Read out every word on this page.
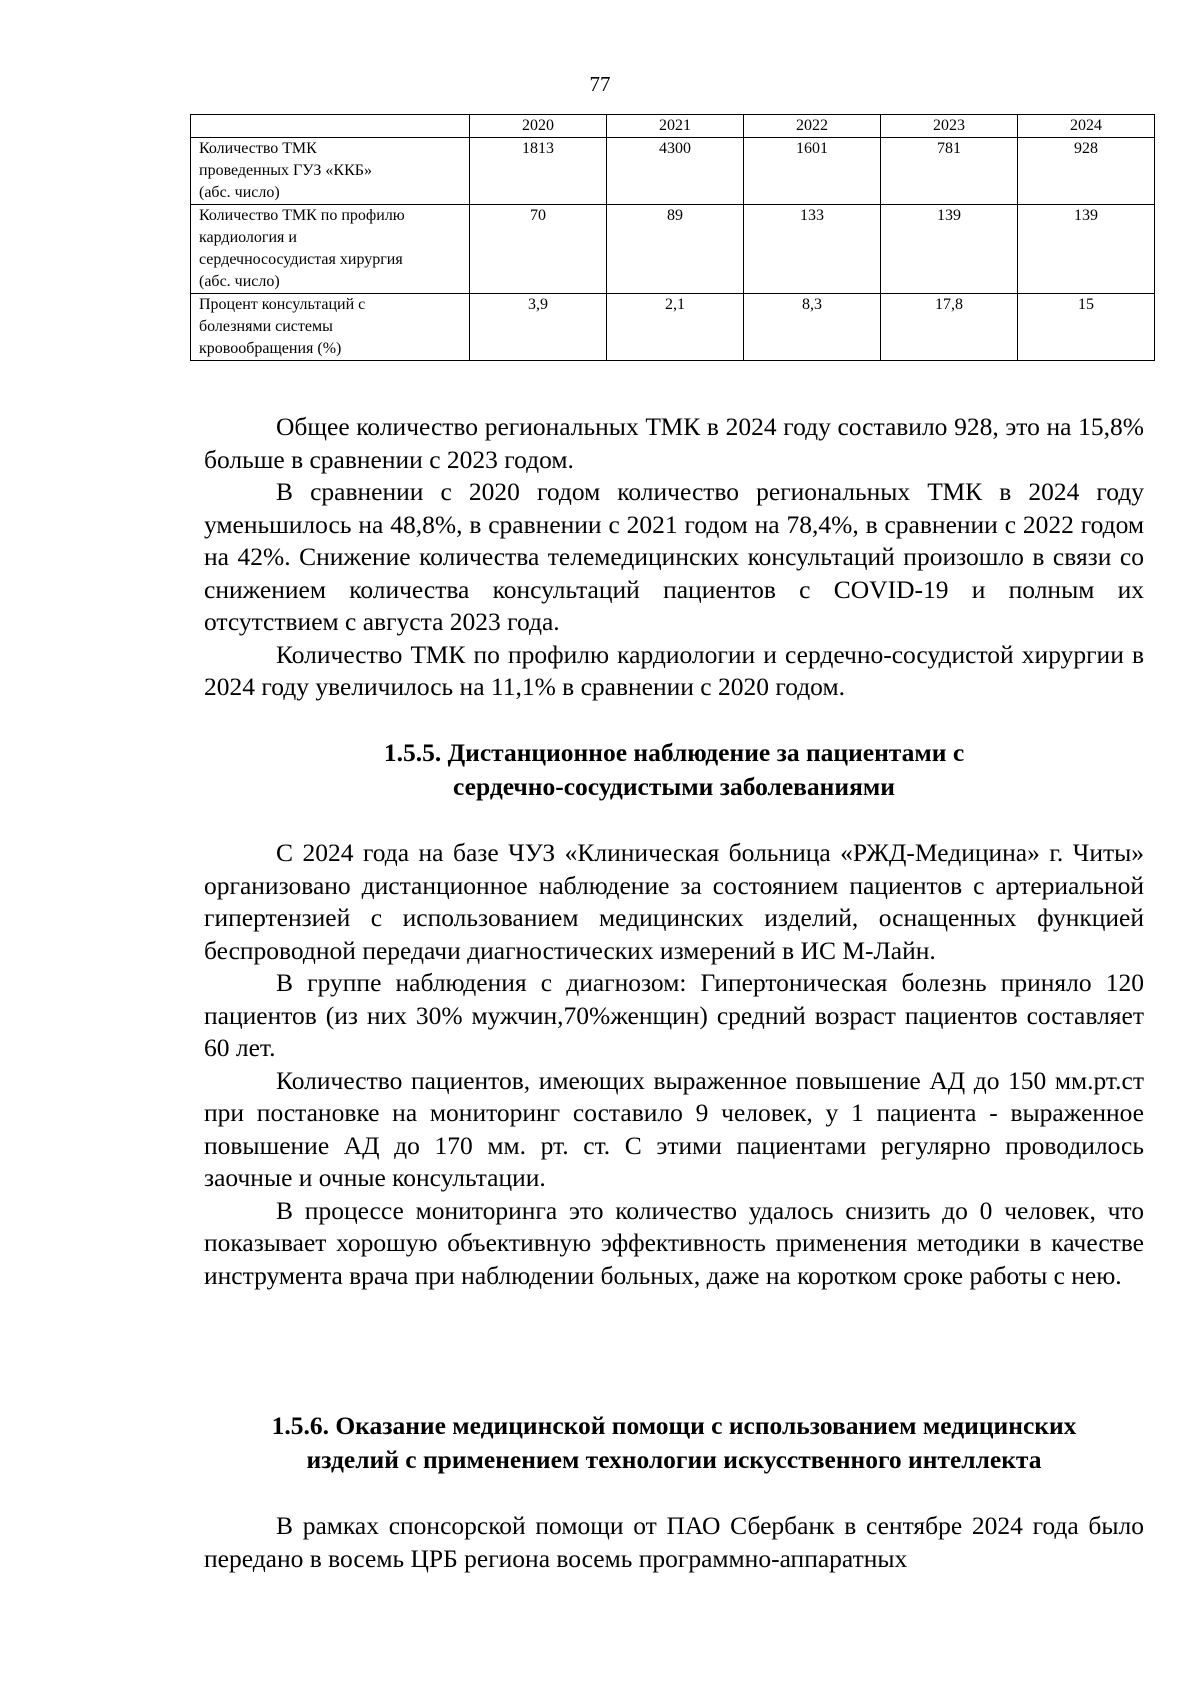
77
	2020	2021	2022	2023	2024

Количество ТМК
проведенных ГУЗ «ККБ»
(абс. число)	1813	4300	1601	781	928

Количество ТМК по профилю
кардиология и
сердечнососудистая хирургия
(абс. число)	70	89	133	139	139

Процент консультаций с
болезнями системы
кровообращения (%)	3,9	2,1	8,3	17,8	15

Общее количество региональных ТМК в 2024 году составило 928, это на 15,8% больше в сравнении с 2023 годом.

В сравнении с 2020 годом количество региональных ТМК в 2024 году уменьшилось на 48,8%, в сравнении с 2021 годом на 78,4%, в сравнении с 2022 годом на 42%. Снижение количества телемедицинских консультаций произошло в связи со снижением количества консультаций пациентов с COVID-19 и полным их отсутствием с августа 2023 года.

Количество ТМК по профилю кардиологии и сердечно-сосудистой хирургии в 2024 году увеличилось на 11,1% в сравнении с 2020 годом.

1.5.5. Дистанционное наблюдение за пациентами с
сердечно-сосудистыми заболеваниями

С 2024 года на базе ЧУЗ «Клиническая больница «РЖД-Медицина» г. Читы» организовано дистанционное наблюдение за состоянием пациентов с артериальной гипертензией с использованием медицинских изделий, оснащенных функцией беспроводной передачи диагностических измерений в ИС М-Лайн.

В группе наблюдения с диагнозом: Гипертоническая болезнь приняло 120 пациентов (из них 30% мужчин,70%женщин) средний возраст пациентов составляет 60 лет.

Количество пациентов, имеющих выраженное повышение АД до 150 мм.рт.ст при постановке на мониторинг составило 9 человек, у 1 пациента - выраженное повышение АД до 170 мм. рт. ст. С этими пациентами регулярно проводилось заочные и очные консультации.

В процессе мониторинга это количество удалось снизить до 0 человек, что показывает хорошую объективную эффективность применения методики в качестве инструмента врача при наблюдении больных, даже на коротком сроке работы с нею.

1.5.6. Оказание медицинской помощи с использованием медицинских
изделий с применением технологии искусственного интеллекта

В рамках спонсорской помощи от ПАО Сбербанк в сентябре 2024 года было передано в восемь ЦРБ региона восемь программно-аппаратных
